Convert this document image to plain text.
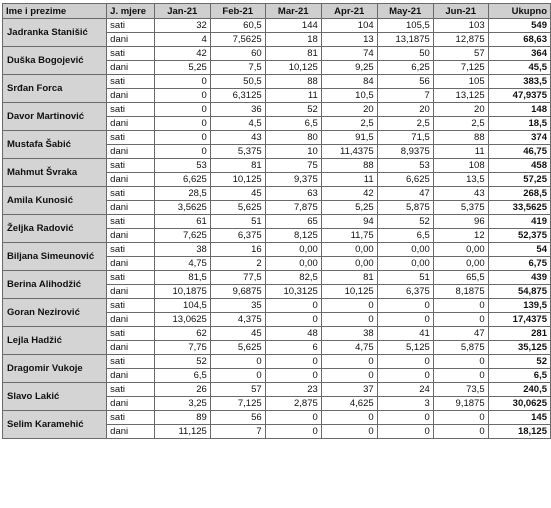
Ime i prezime	J. mjere	Jan-21	Feb-21	Mar-21	Apr-21	May-21	Jun-21	Ukupno
Jadranka Stanišić	sati	32	60,5	144	104	105,5	103	549
	dani	4	7,5625	18	13	13,1875	12,875	68,63
Duška Bogojević	sati	42	60	81	74	50	57	364
	dani	5,25	7,5	10,125	9,25	6,25	7,125	45,5
Srđan Forca	sati	0	50,5	88	84	56	105	383,5
	dani	0	6,3125	11	10,5	7	13,125	47,9375
Davor Martinović	sati	0	36	52	20	20	20	148
	dani	0	4,5	6,5	2,5	2,5	2,5	18,5
Mustafa Šabić	sati	0	43	80	91,5	71,5	88	374
	dani	0	5,375	10	11,4375	8,9375	11	46,75
Mahmut Švraka	sati	53	81	75	88	53	108	458
	dani	6,625	10,125	9,375	11	6,625	13,5	57,25
Amila Kunosić	sati	28,5	45	63	42	47	43	268,5
	dani	3,5625	5,625	7,875	5,25	5,875	5,375	33,5625
Željka Radović	sati	61	51	65	94	52	96	419
	dani	7,625	6,375	8,125	11,75	6,5	12	52,375
Biljana Simeunović	sati	38	16	0,00	0,00	0,00	0,00	54
	dani	4,75	2	0,00	0,00	0,00	0,00	6,75
Berina Alihodžić	sati	81,5	77,5	82,5	81	51	65,5	439
	dani	10,1875	9,6875	10,3125	10,125	6,375	8,1875	54,875
Goran Nezirović	sati	104,5	35	0	0	0	0	139,5
	dani	13,0625	4,375	0	0	0	0	17,4375
Lejla Hadžić	sati	62	45	48	38	41	47	281
	dani	7,75	5,625	6	4,75	5,125	5,875	35,125
Dragomir Vukoje	sati	52	0	0	0	0	0	52
	dani	6,5	0	0	0	0	0	6,5
Slavo Lakić	sati	26	57	23	37	24	73,5	240,5
	dani	3,25	7,125	2,875	4,625	3	9,1875	30,0625
Selim Karamehić	sati	89	56	0	0	0	0	145
	dani	11,125	7	0	0	0	0	18,125
